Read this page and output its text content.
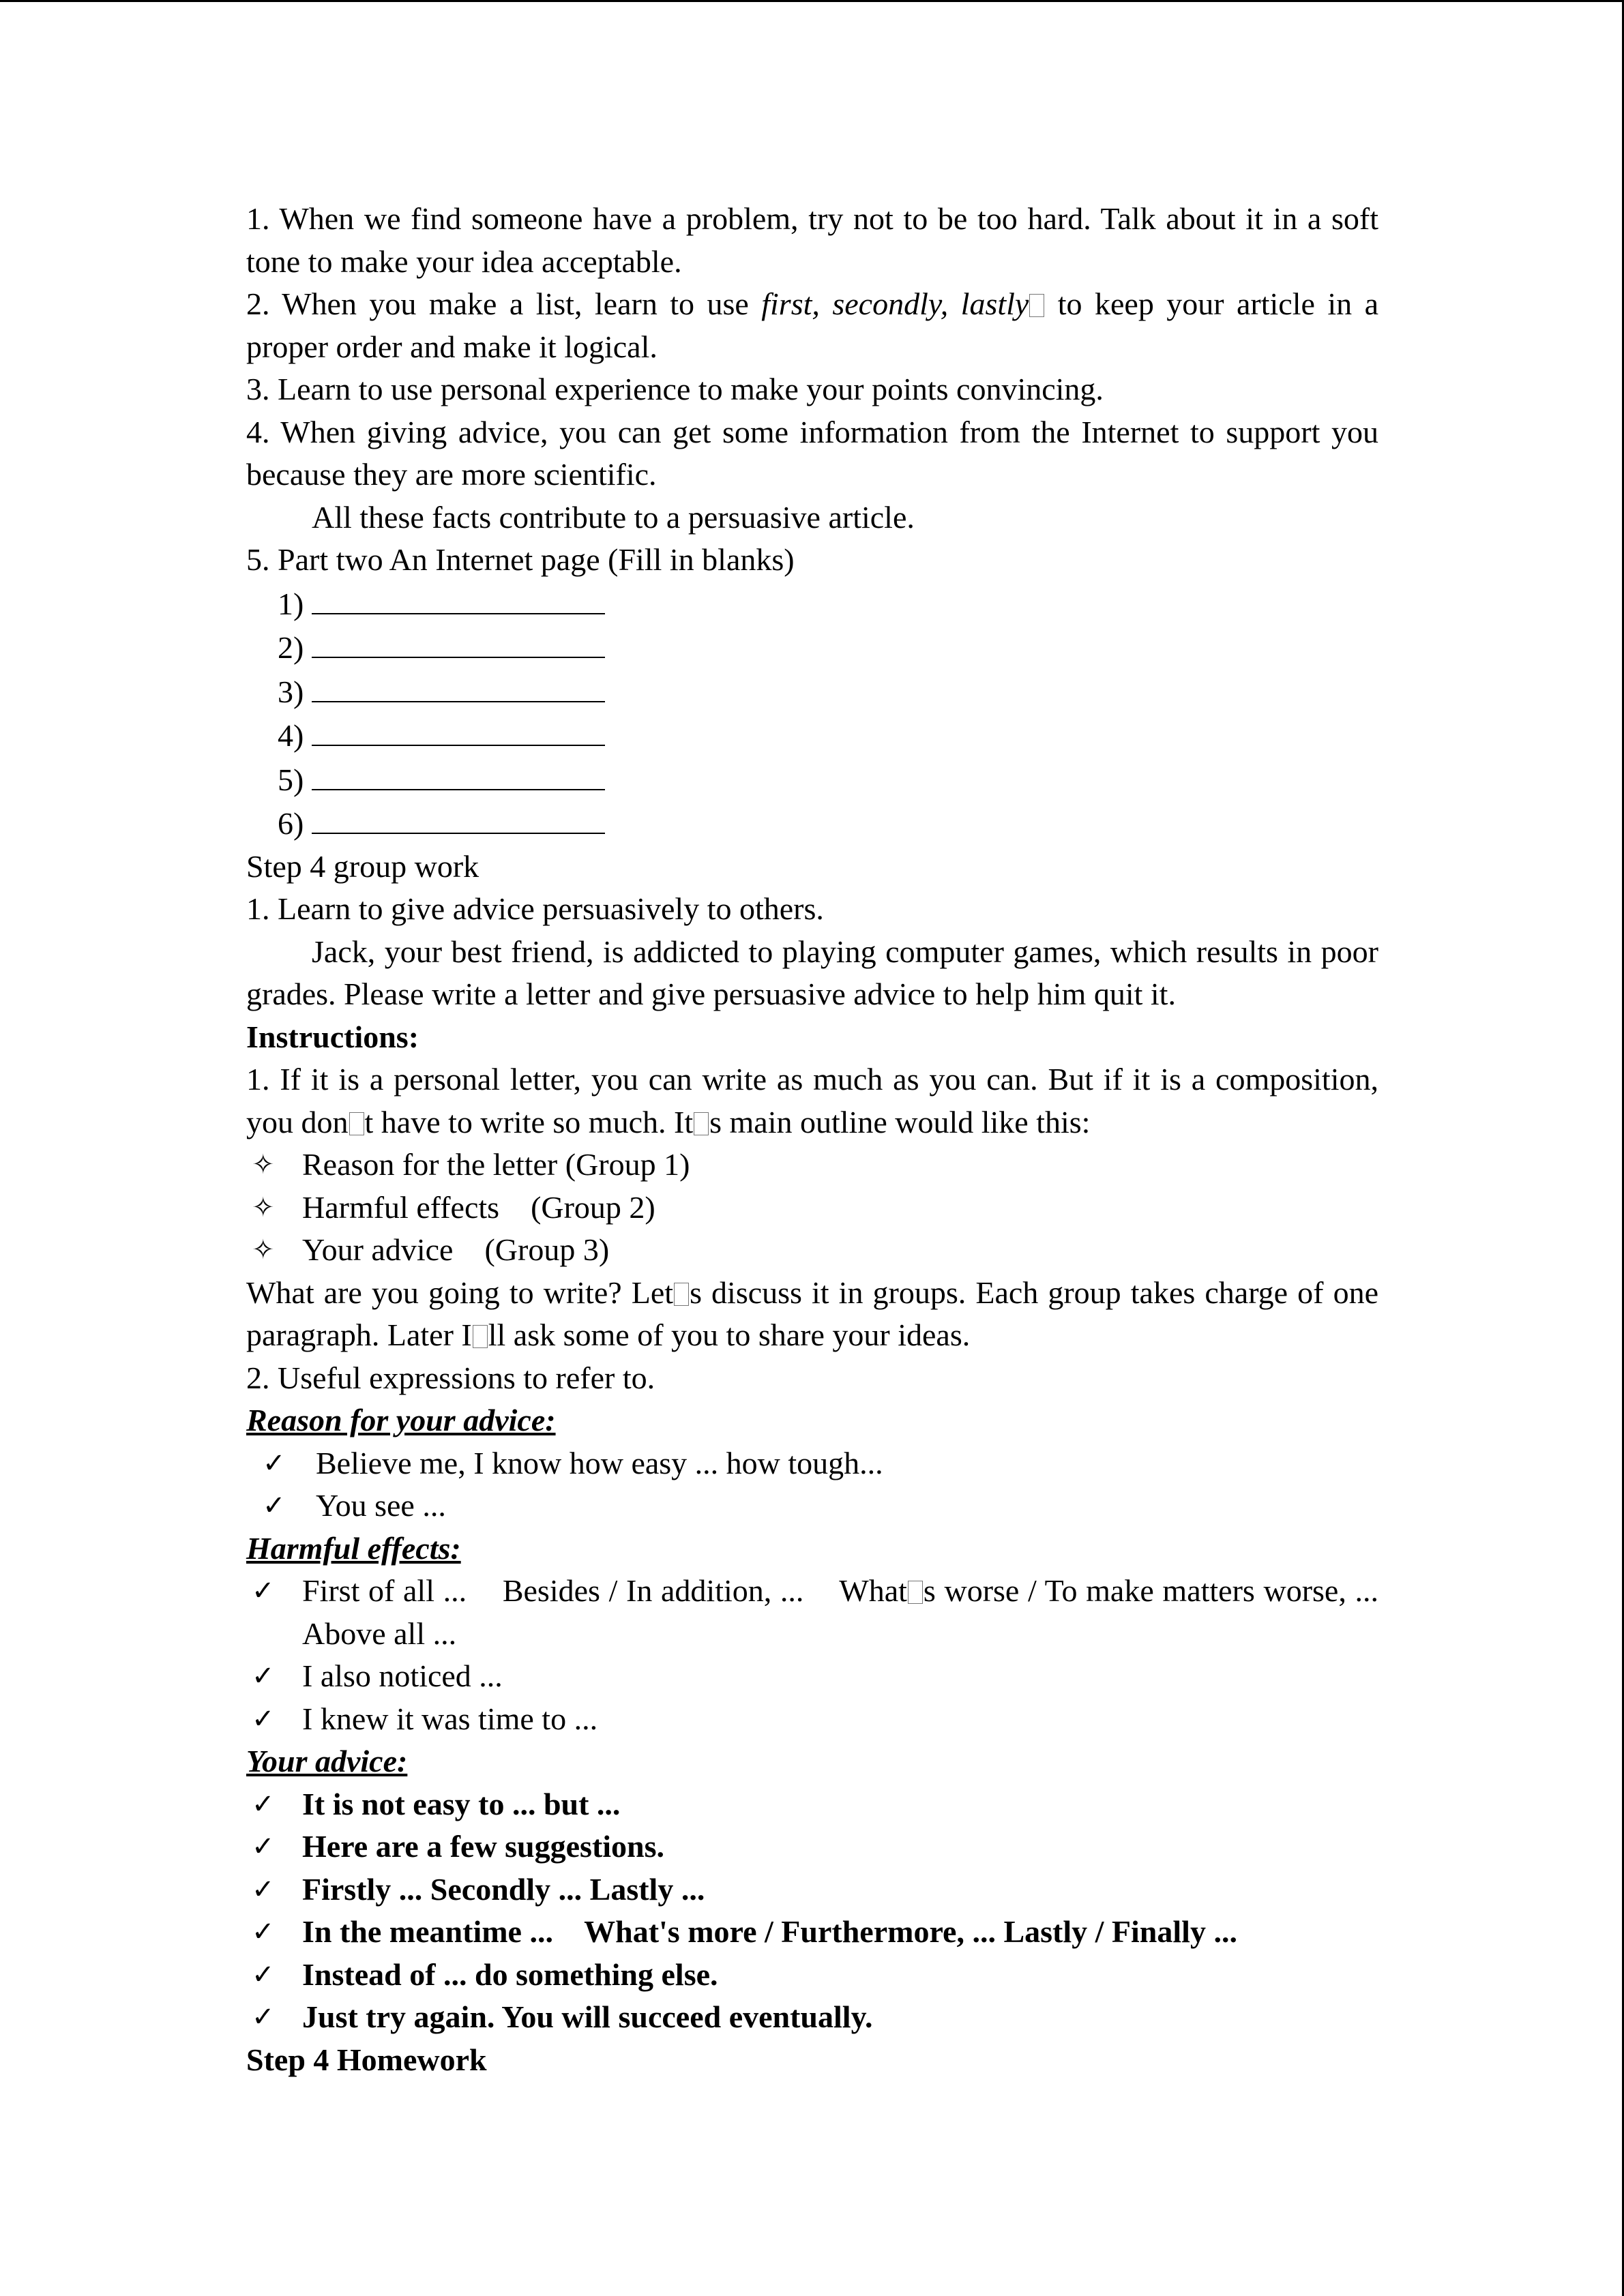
1. When we find someone have a problem, try not to be too hard. Talk about it in a soft tone to make your idea acceptable.

2. When you make a list, learn to use first, secondly, lastly to keep your article in a proper order and make it logical.

3. Learn to use personal experience to make your points convincing.

4. When giving advice, you can get some information from the Internet to support you because they are more scientific.

All these facts contribute to a persuasive article.

5. Part two An Internet page (Fill in blanks)

1)

2)

3)

4)

5)

6)

Step 4 group work

1. Learn to give advice persuasively to others.

Jack, your best friend, is addicted to playing computer games, which results in poor grades. Please write a letter and give persuasive advice to help him quit it.

Instructions:

1. If it is a personal letter, you can write as much as you can. But if it is a composition, you don t have to write so much. It s main outline would like this:

✧ Reason for the letter (Group 1)
✧ Harmful effects    (Group 2)
✧ Your advice    (Group 3)

What are you going to write? Let s discuss it in groups. Each group takes charge of one paragraph. Later I ll ask some of you to share your ideas.

2. Useful expressions to refer to.

Reason for your advice:

✓ Believe me, I know how easy ... how tough...
✓ You see ...

Harmful effects:

✓ First of all ... Besides / In addition, ... What s worse / To make matters worse, ... Above all ...
✓ I also noticed ...
✓ I knew it was time to ...

Your advice:

✓ It is not easy to ... but ...
✓ Here are a few suggestions.
✓ Firstly ... Secondly ... Lastly ...
✓ In the meantime ...    What's more / Furthermore, ... Lastly / Finally ...
✓ Instead of ... do something else.
✓ Just try again. You will succeed eventually.

Step 4 Homework
